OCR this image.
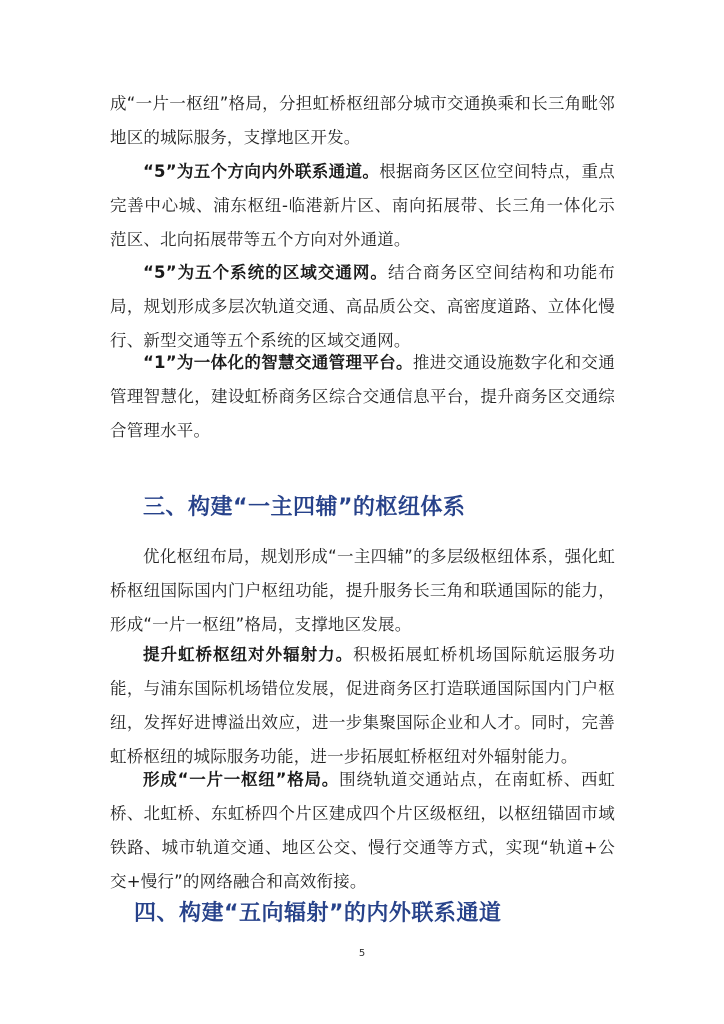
成“一片一枢纽”格局，分担虹桥枢纽部分城市交通换乘和长三角毗邻地区的城际服务，支撑地区开发。

“5”为五个方向内外联系通道。根据商务区区位空间特点，重点完善中心城、浦东枢纽-临港新片区、南向拓展带、长三角一体化示范区、北向拓展带等五个方向对外通道。

“5”为五个系统的区域交通网。结合商务区空间结构和功能布局，规划形成多层次轨道交通、高品质公交、高密度道路、立体化慢行、新型交通等五个系统的区域交通网。

“1”为一体化的智慧交通管理平台。推进交通设施数字化和交通管理智慧化，建设虹桥商务区综合交通信息平台，提升商务区交通综合管理水平。

三、构建“一主四辅”的枢纽体系

优化枢纽布局，规划形成“一主四辅”的多层级枢纽体系，强化虹桥枢纽国际国内门户枢纽功能，提升服务长三角和联通国际的能力，形成“一片一枢纽”格局，支撑地区发展。

提升虹桥枢纽对外辐射力。积极拓展虹桥机场国际航运服务功能，与浦东国际机场错位发展，促进商务区打造联通国际国内门户枢纽，发挥好进博溢出效应，进一步集聚国际企业和人才。同时，完善虹桥枢纽的城际服务功能，进一步拓展虹桥枢纽对外辐射能力。

形成“一片一枢纽”格局。围绕轨道交通站点，在南虹桥、西虹桥、北虹桥、东虹桥四个片区建成四个片区级枢纽，以枢纽锚固市域铁路、城市轨道交通、地区公交、慢行交通等方式，实现“轨道+公交+慢行”的网络融合和高效衔接。

四、构建“五向辐射”的内外联系通道
5
